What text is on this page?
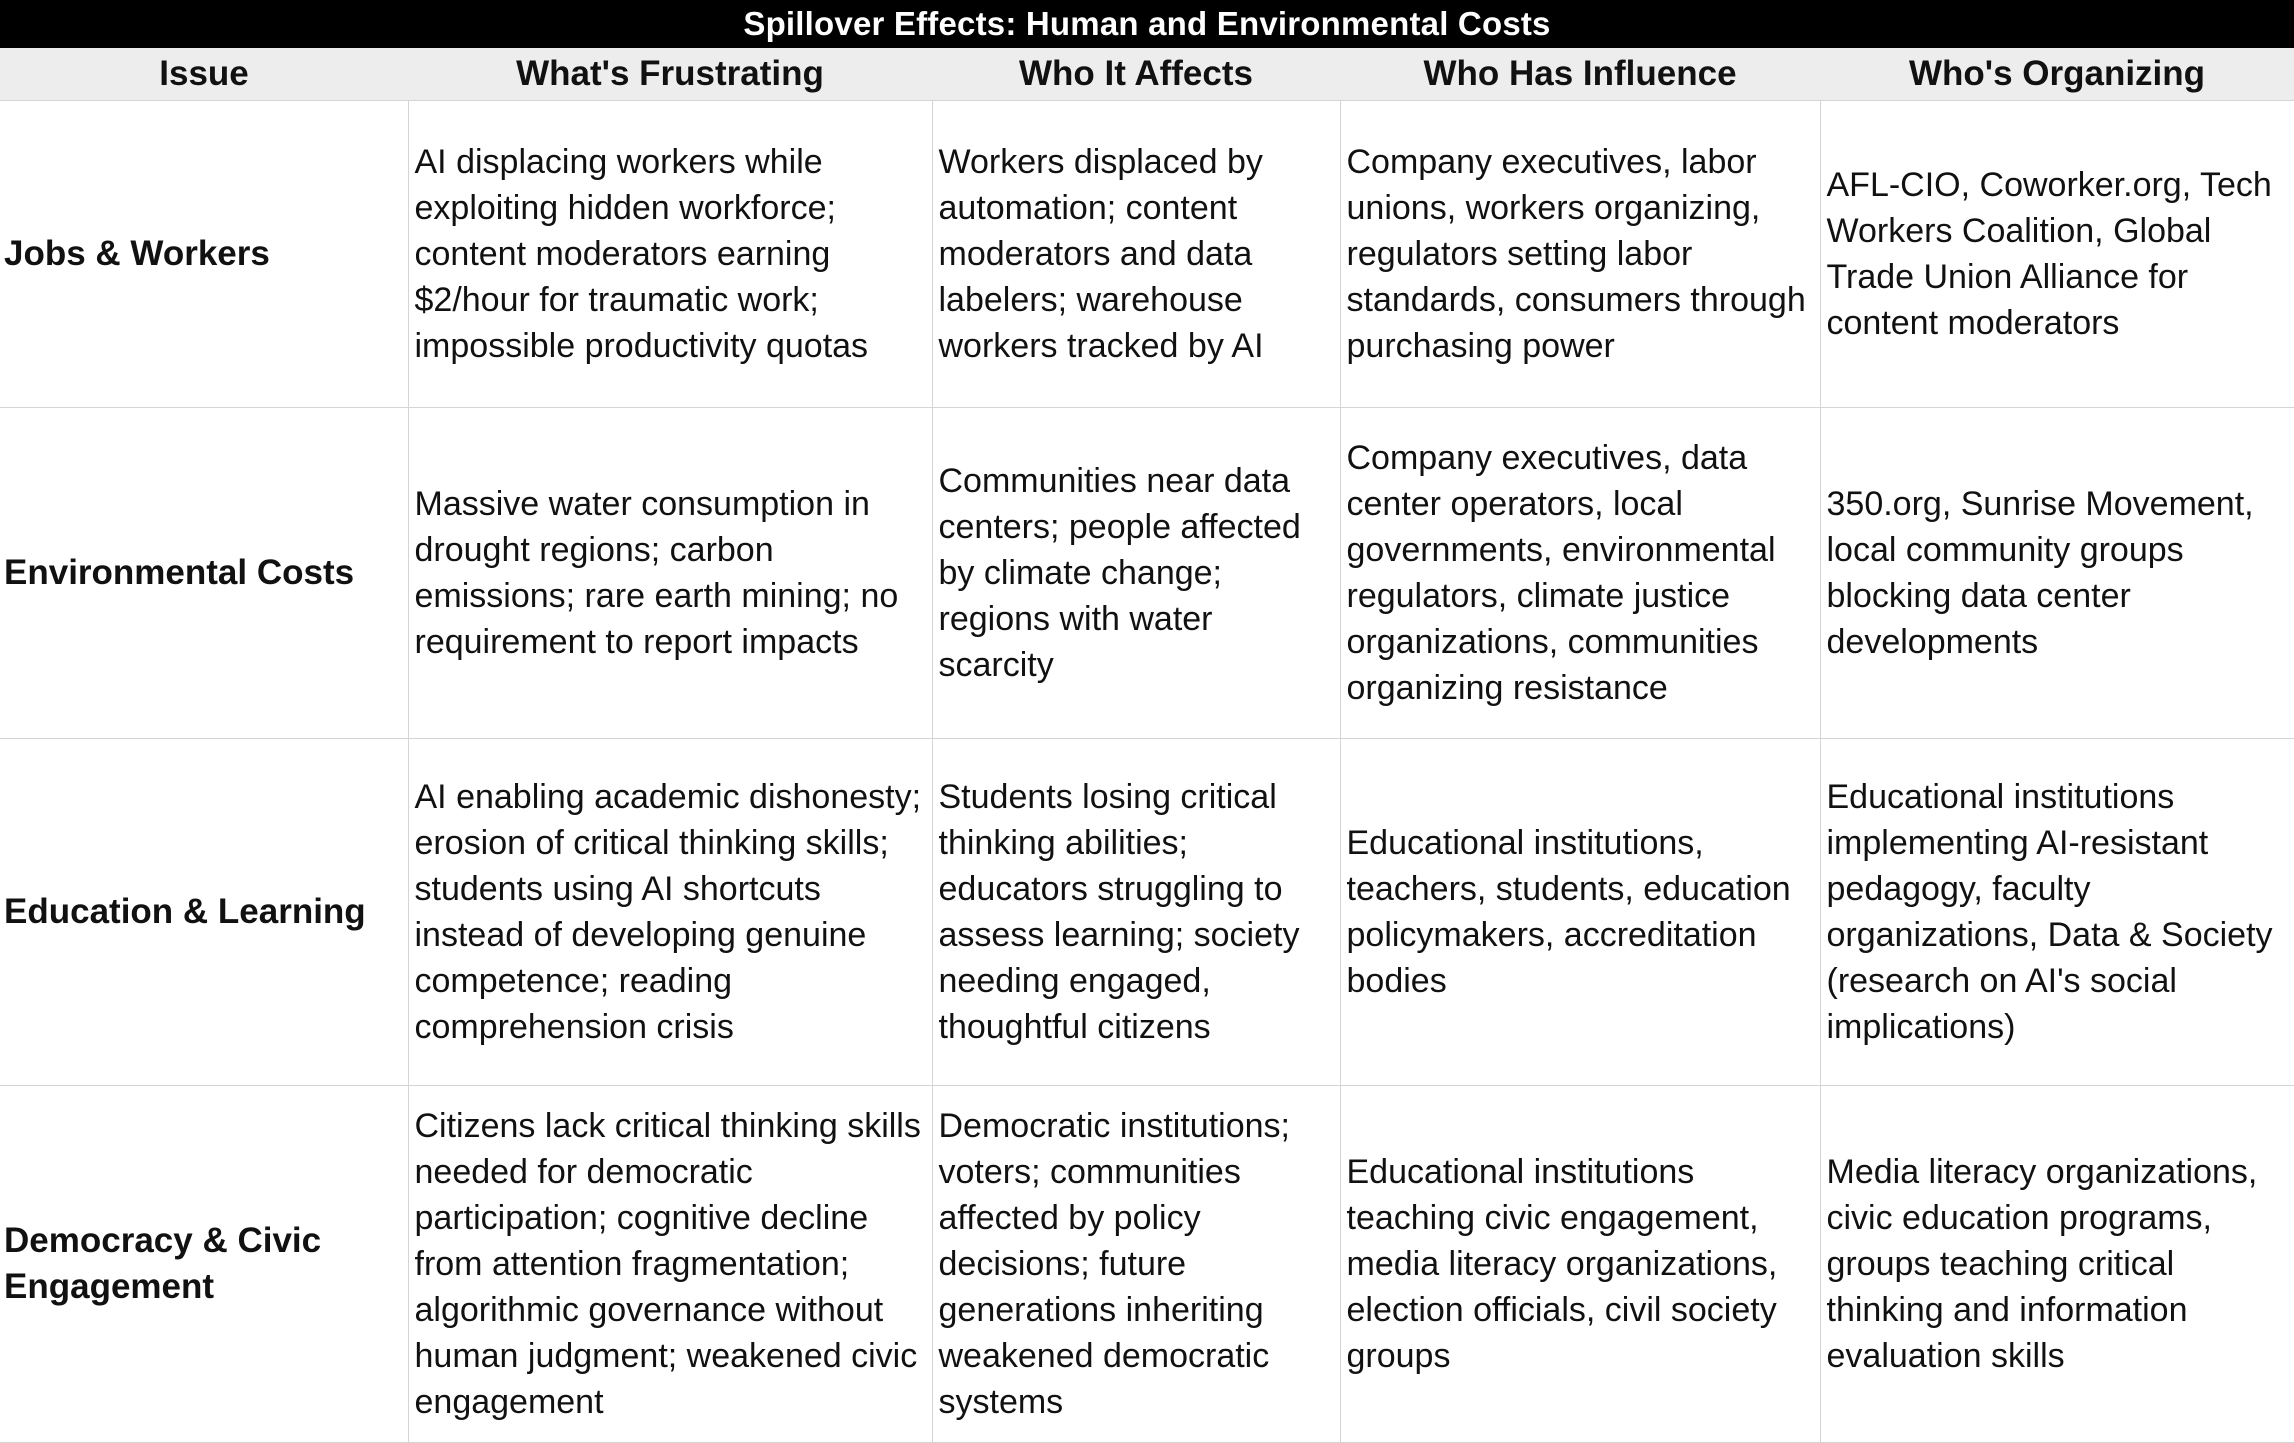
Spillover Effects: Human and Environmental Costs
Issue	What's Frustrating	Who It Affects	Who Has Influence	Who's Organizing
Jobs & Workers	AI displacing workers while exploiting hidden workforce; content moderators earning $2/hour for traumatic work; impossible productivity quotas	Workers displaced by automation; content moderators and data labelers; warehouse workers tracked by AI	Company executives, labor unions, workers organizing, regulators setting labor standards, consumers through purchasing power	AFL-CIO, Coworker.org, Tech Workers Coalition, Global Trade Union Alliance for content moderators
Environmental Costs	Massive water consumption in drought regions; carbon emissions; rare earth mining; no requirement to report impacts	Communities near data centers; people affected by climate change; regions with water scarcity	Company executives, data center operators, local governments, environmental regulators, climate justice organizations, communities organizing resistance	350.org, Sunrise Movement, local community groups blocking data center developments
Education & Learning	AI enabling academic dishonesty; erosion of critical thinking skills; students using AI shortcuts instead of developing genuine competence; reading comprehension crisis	Students losing critical thinking abilities; educators struggling to assess learning; society needing engaged, thoughtful citizens	Educational institutions, teachers, students, education policymakers, accreditation bodies	Educational institutions implementing AI-resistant pedagogy, faculty organizations, Data & Society (research on AI's social implications)
Democracy & Civic Engagement	Citizens lack critical thinking skills needed for democratic participation; cognitive decline from attention fragmentation; algorithmic governance without human judgment; weakened civic engagement	Democratic institutions; voters; communities affected by policy decisions; future generations inheriting weakened democratic systems	Educational institutions teaching civic engagement, media literacy organizations, election officials, civil society groups	Media literacy organizations, civic education programs, groups teaching critical thinking and information evaluation skills
